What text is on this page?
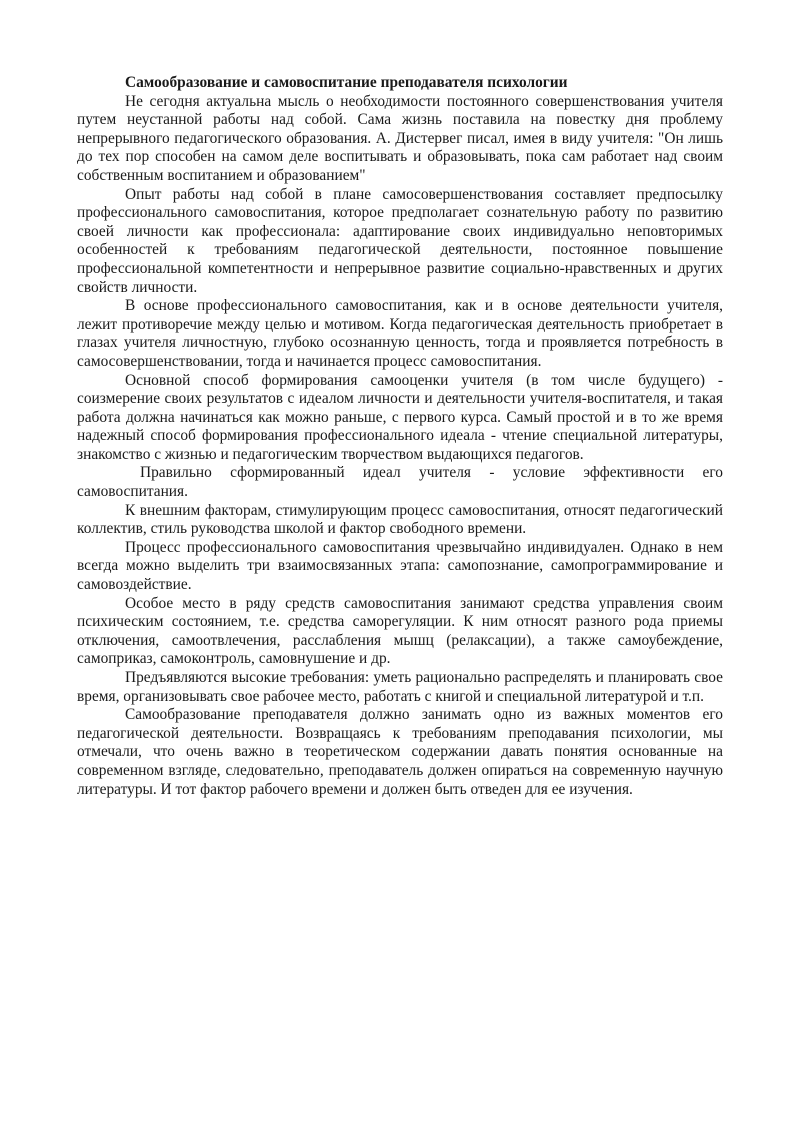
Самообразование и самовоспитание преподавателя психологии

Не сегодня актуальна мысль о необходимости постоянного совершенствования учителя путем неустанной работы над собой. Сама жизнь поставила на повестку дня проблему непрерывного педагогического образования. А. Дистервег писал, имея в виду учителя: "Он лишь до тех пор способен на самом деле воспитывать и образовывать, пока сам работает над своим собственным воспитанием и образованием"

Опыт работы над собой в плане самосовершенствования составляет предпосылку профессионального самовоспитания, которое предполагает сознательную работу по развитию своей личности как профессионала: адаптирование своих индивидуально неповторимых особенностей к требованиям педагогической деятельности, постоянное повышение профессиональной компетентности и непрерывное развитие социально-нравственных и других свойств личности.

В основе профессионального самовоспитания, как и в основе деятельности учителя, лежит противоречие между целью и мотивом. Когда педагогическая деятельность приобретает в глазах учителя личностную, глубоко осознанную ценность, тогда и проявляется потребность в самосовершенствовании, тогда и начинается процесс самовоспитания.

Основной способ формирования самооценки учителя (в том числе будущего) - соизмерение своих результатов с идеалом личности и деятельности учителя-воспитателя, и такая работа должна начинаться как можно раньше, с первого курса. Самый простой и в то же время надежный способ формирования профессионального идеала - чтение специальной литературы, знакомство с жизнью и педагогическим творчеством выдающихся педагогов.

Правильно сформированный идеал учителя - условие эффективности его самовоспитания.

К внешним факторам, стимулирующим процесс самовоспитания, относят педагогический коллектив, стиль руководства школой и фактор свободного времени.

Процесс профессионального самовоспитания чрезвычайно индивидуален. Однако в нем всегда можно выделить три взаимосвязанных этапа: самопознание, самопрограммирование и самовоздействие.

Особое место в ряду средств самовоспитания занимают средства управления своим психическим состоянием, т.е. средства саморегуляции. К ним относят разного рода приемы отключения, самоотвлечения, расслабления мышц (релаксации), а также самоубеждение, самоприказ, самоконтроль, самовнушение и др.

Предъявляются высокие требования: уметь рационально распределять и планировать свое время, организовывать свое рабочее место, работать с книгой и специальной литературой и т.п.

Самообразование преподавателя должно занимать одно из важных моментов его педагогической деятельности. Возвращаясь к требованиям преподавания психологии, мы отмечали, что очень важно в теоретическом содержании давать понятия основанные на современном взгляде, следовательно, преподаватель должен опираться на современную научную литературы. И тот фактор рабочего времени и должен быть отведен для ее изучения.
